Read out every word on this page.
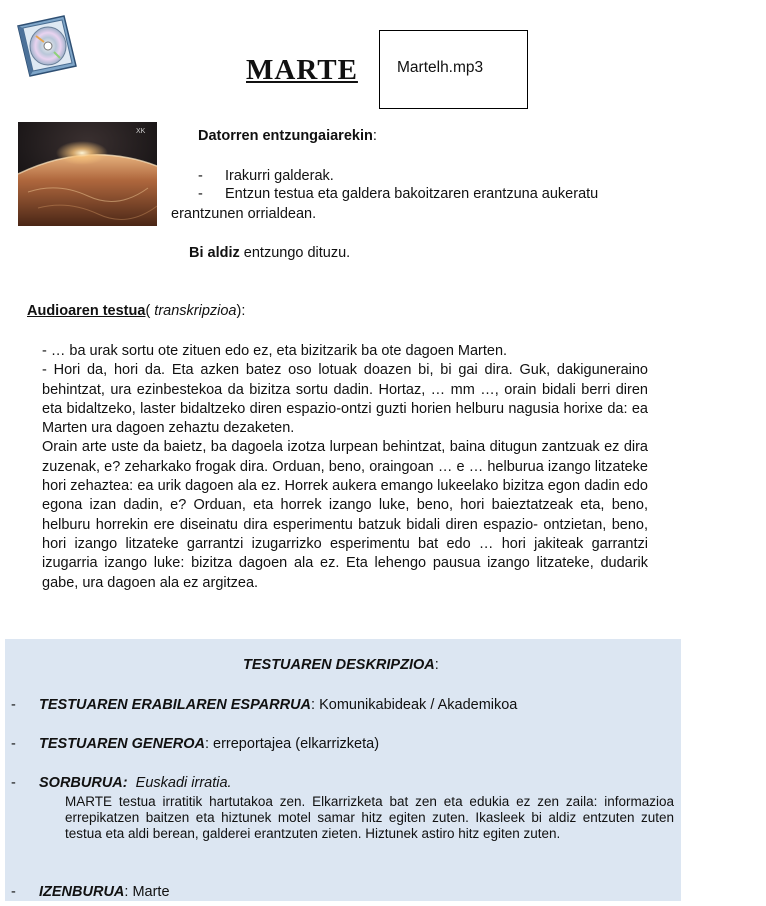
MARTE	Martelh.mp3
XK	Datorren entzungaiarekin:
- Irakurri galderak.
- Entzun testua eta galdera bakoitzaren erantzuna aukeratu
erantzunen orrialdean.
Bi aldiz entzungo dituzu.
Audioaren testua( transkripzioa):

- … ba urak sortu ote zituen edo ez, eta bizitzarik ba ote dagoen Marten.

- Hori da, hori da. Eta azken batez oso lotuak doazen bi, bi gai dira. Guk, dakiguneraino behintzat, ura ezinbestekoa da bizitza sortu dadin. Hortaz, … mm …, orain bidali berri diren eta bidaltzeko, laster bidaltzeko diren espazio-ontzi guzti horien helburu nagusia horixe da: ea Marten ura dagoen zehaztu dezaketen.

Orain arte uste da baietz, ba dagoela izotza lurpean behintzat, baina ditugun zantzuak ez dira zuzenak, e? zeharkako frogak dira. Orduan, beno, oraingoan … e … helburua izango litzateke hori zehaztea: ea urik dagoen ala ez. Horrek aukera emango lukeelako bizitza egon dadin edo egona izan dadin, e? Orduan, eta horrek izango luke, beno, hori baieztatzeak eta, beno, helburu horrekin ere diseinatu dira esperimentu batzuk bidali diren espazio- ontzietan, beno, hori izango litzateke garrantzi izugarrizko esperimentu bat edo … hori jakiteak garrantzi izugarria izango luke: bizitza dagoen ala ez. Eta lehengo pausua izango litzateke, dudarik gabe, ura dagoen ala ez argitzea.

TESTUAREN DESKRIPZIOA:
- TESTUAREN ERABILAREN ESPARRUA: Komunikabideak / Akademikoa
- TESTUAREN GENEROA: erreportajea (elkarrizketa)
- SORBURUA:  Euskadi irratia.
MARTE testua irratitik hartutakoa zen. Elkarrizketa bat zen eta edukia ez zen zaila: informazioa errepikatzen baitzen eta hiztunek motel samar hitz egiten zuten. Ikasleek bi aldiz entzuten zuten testua eta aldi berean, galderei erantzuten zieten. Hiztunek astiro hitz egiten zuten.
- IZENBURUA: Marte
